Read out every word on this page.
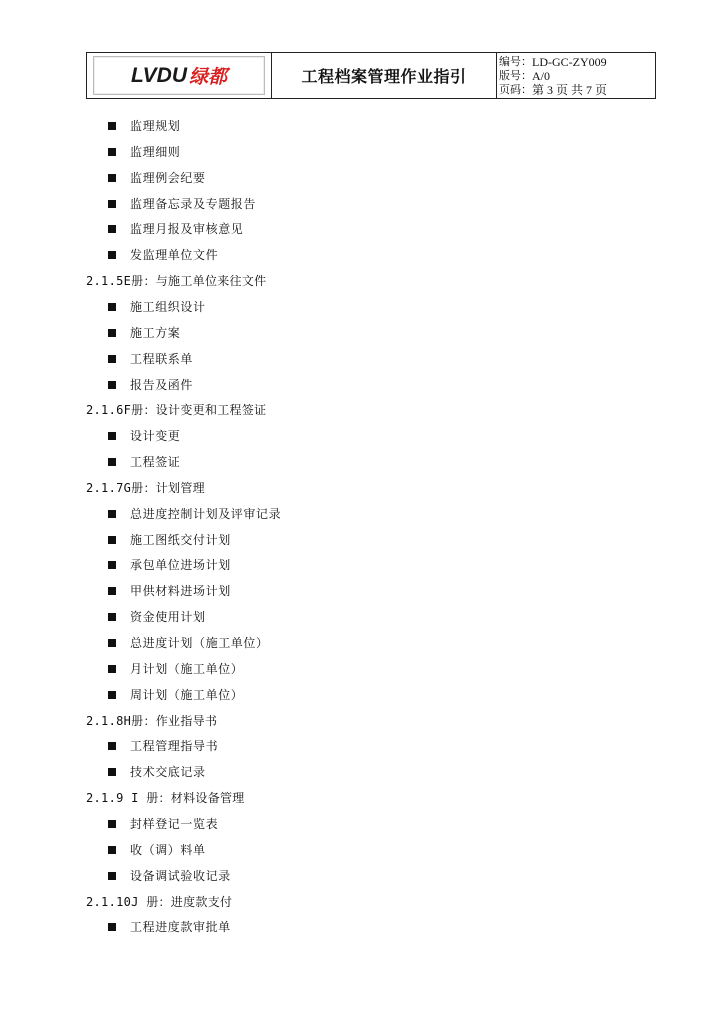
LVDU 绿都	工程档案管理作业指引
编号： LD-GC-ZY009
版号： A/0
页码： 第 3 页 共 7 页
监理规划
监理细则
监理例会纪要
监理备忘录及专题报告
监理月报及审核意见
发监理单位文件
2.1.5E册：与施工单位来往文件
施工组织设计
施工方案
工程联系单
报告及函件
2.1.6F册：设计变更和工程签证
设计变更
工程签证
2.1.7G册：计划管理
总进度控制计划及评审记录
施工图纸交付计划
承包单位进场计划
甲供材料进场计划
资金使用计划
总进度计划（施工单位）
月计划（施工单位）
周计划（施工单位）
2.1.8H册：作业指导书
工程管理指导书
技术交底记录
2.1.9 I 册：材料设备管理
封样登记一览表
收（调）料单
设备调试验收记录
2.1.10J 册：进度款支付
工程进度款审批单
